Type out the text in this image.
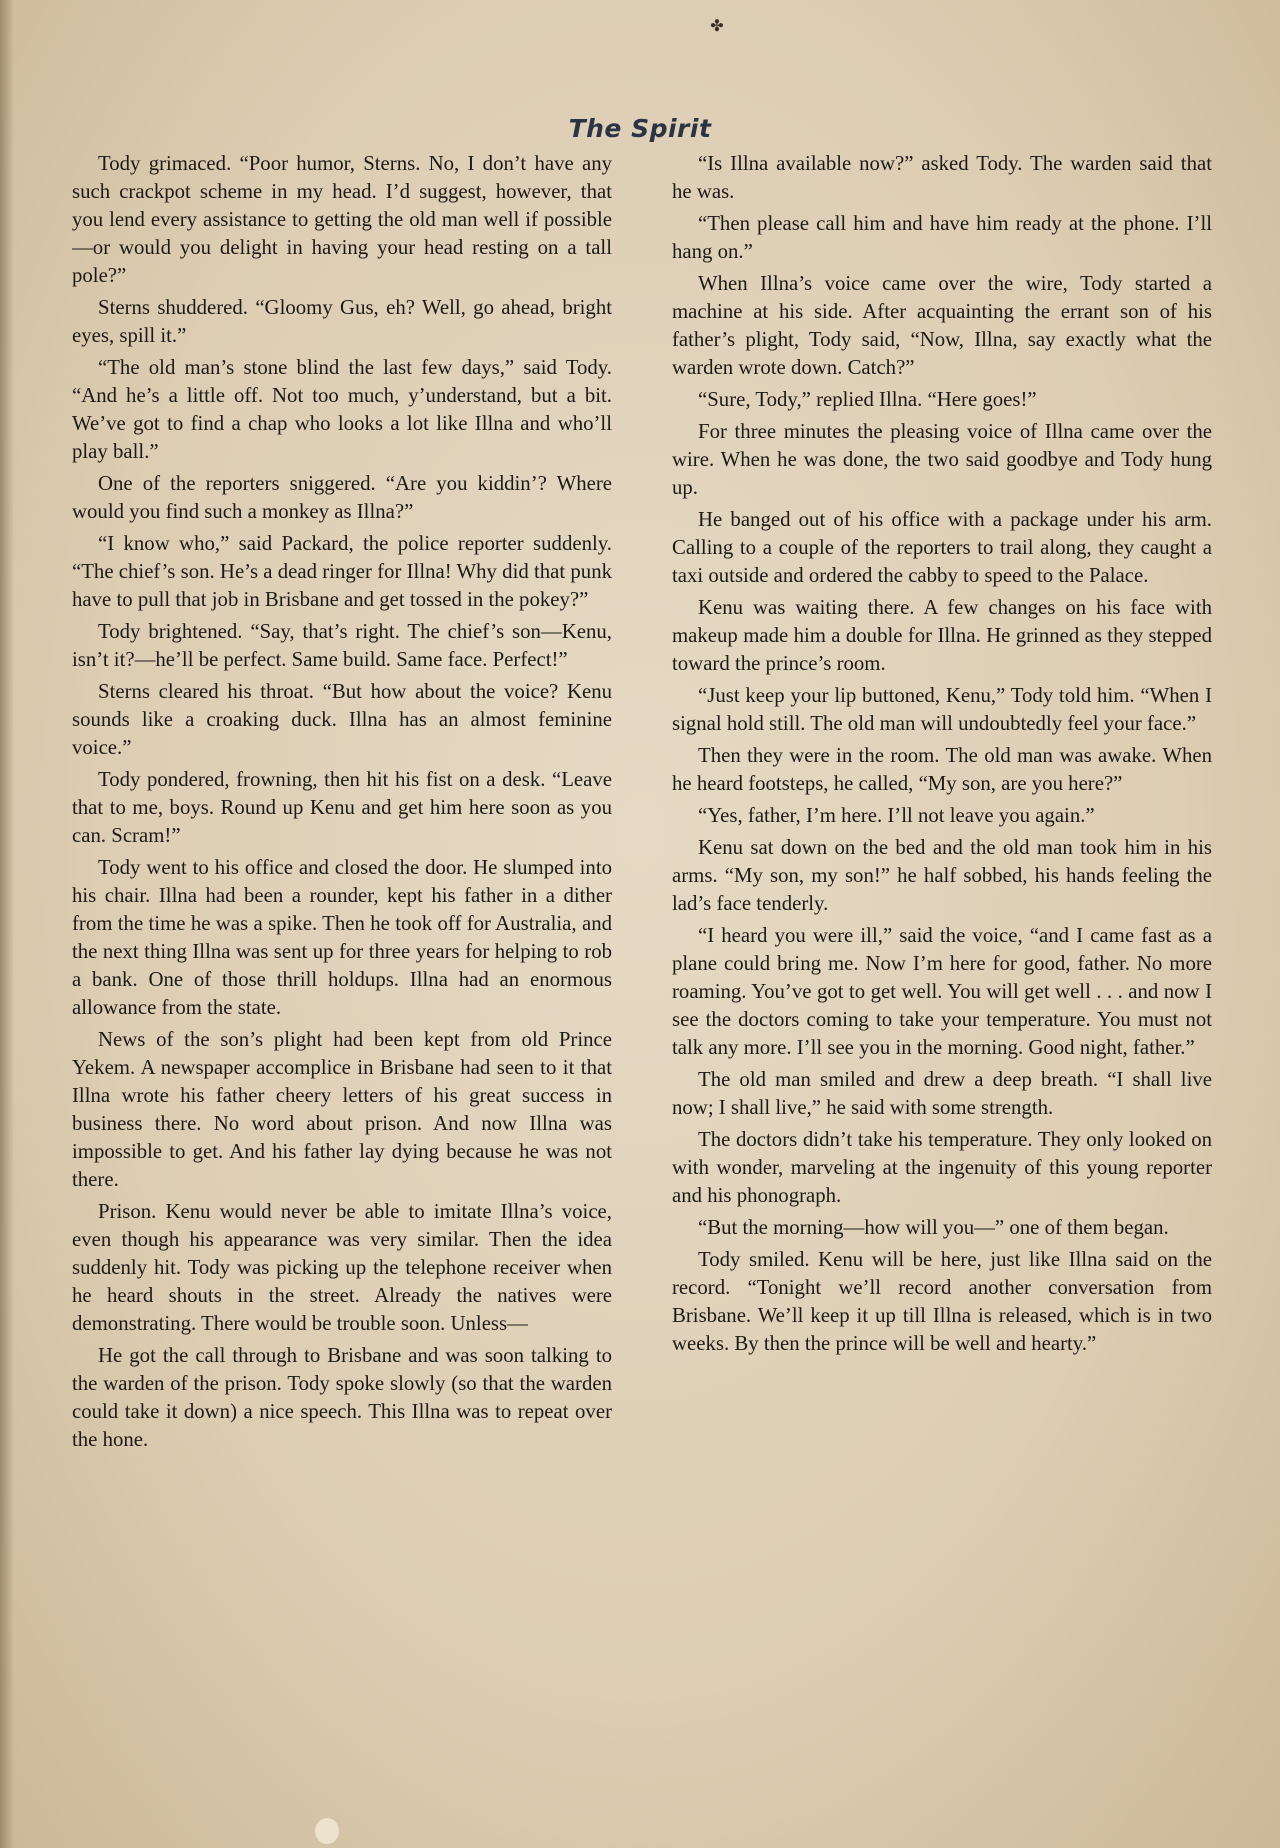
✤
The Spirit

Tody grimaced. “Poor humor, Sterns. No, I don’t have any such crackpot scheme in my head. I’d suggest, however, that you lend every assistance to getting the old man well if possible—or would you delight in having your head resting on a tall pole?”

Sterns shuddered. “Gloomy Gus, eh? Well, go ahead, bright eyes, spill it.”

“The old man’s stone blind the last few days,” said Tody. “And he’s a little off. Not too much, y’understand, but a bit. We’ve got to find a chap who looks a lot like Illna and who’ll play ball.”

One of the reporters sniggered. “Are you kiddin’? Where would you find such a monkey as Illna?”

“I know who,” said Packard, the police reporter suddenly. “The chief’s son. He’s a dead ringer for Illna! Why did that punk have to pull that job in Brisbane and get tossed in the pokey?”

Tody brightened. “Say, that’s right. The chief’s son—Kenu, isn’t it?—he’ll be perfect. Same build. Same face. Perfect!”

Sterns cleared his throat. “But how about the voice? Kenu sounds like a croaking duck. Illna has an almost feminine voice.”

Tody pondered, frowning, then hit his fist on a desk. “Leave that to me, boys. Round up Kenu and get him here soon as you can. Scram!”

Tody went to his office and closed the door. He slumped into his chair. Illna had been a rounder, kept his father in a dither from the time he was a spike. Then he took off for Australia, and the next thing Illna was sent up for three years for helping to rob a bank. One of those thrill holdups. Illna had an enormous allowance from the state.

News of the son’s plight had been kept from old Prince Yekem. A newspaper accomplice in Brisbane had seen to it that Illna wrote his father cheery letters of his great success in business there. No word about prison. And now Illna was impossible to get. And his father lay dying because he was not there.

Prison. Kenu would never be able to imitate Illna’s voice, even though his appearance was very similar. Then the idea suddenly hit. Tody was picking up the telephone receiver when he heard shouts in the street. Already the natives were demonstrating. There would be trouble soon. Unless—

He got the call through to Brisbane and was soon talking to the warden of the prison. Tody spoke slowly (so that the warden could take it down) a nice speech. This Illna was to repeat over the hone.

“Is Illna available now?” asked Tody. The warden said that he was.

“Then please call him and have him ready at the phone. I’ll hang on.”

When Illna’s voice came over the wire, Tody started a machine at his side. After acquainting the errant son of his father’s plight, Tody said, “Now, Illna, say exactly what the warden wrote down. Catch?”

“Sure, Tody,” replied Illna. “Here goes!”

For three minutes the pleasing voice of Illna came over the wire. When he was done, the two said goodbye and Tody hung up.

He banged out of his office with a package under his arm. Calling to a couple of the reporters to trail along, they caught a taxi outside and ordered the cabby to speed to the Palace.

Kenu was waiting there. A few changes on his face with makeup made him a double for Illna. He grinned as they stepped toward the prince’s room.

“Just keep your lip buttoned, Kenu,” Tody told him. “When I signal hold still. The old man will undoubtedly feel your face.”

Then they were in the room. The old man was awake. When he heard footsteps, he called, “My son, are you here?”

“Yes, father, I’m here. I’ll not leave you again.”

Kenu sat down on the bed and the old man took him in his arms. “My son, my son!” he half sobbed, his hands feeling the lad’s face tenderly.

“I heard you were ill,” said the voice, “and I came fast as a plane could bring me. Now I’m here for good, father. No more roaming. You’ve got to get well. You will get well . . . and now I see the doctors coming to take your temperature. You must not talk any more. I’ll see you in the morning. Good night, father.”

The old man smiled and drew a deep breath. “I shall live now; I shall live,” he said with some strength.

The doctors didn’t take his temperature. They only looked on with wonder, marveling at the ingenuity of this young reporter and his phonograph.

“But the morning—how will you—” one of them began.

Tody smiled. Kenu will be here, just like Illna said on the record. “Tonight we’ll record another conversation from Brisbane. We’ll keep it up till Illna is released, which is in two weeks. By then the prince will be well and hearty.”
